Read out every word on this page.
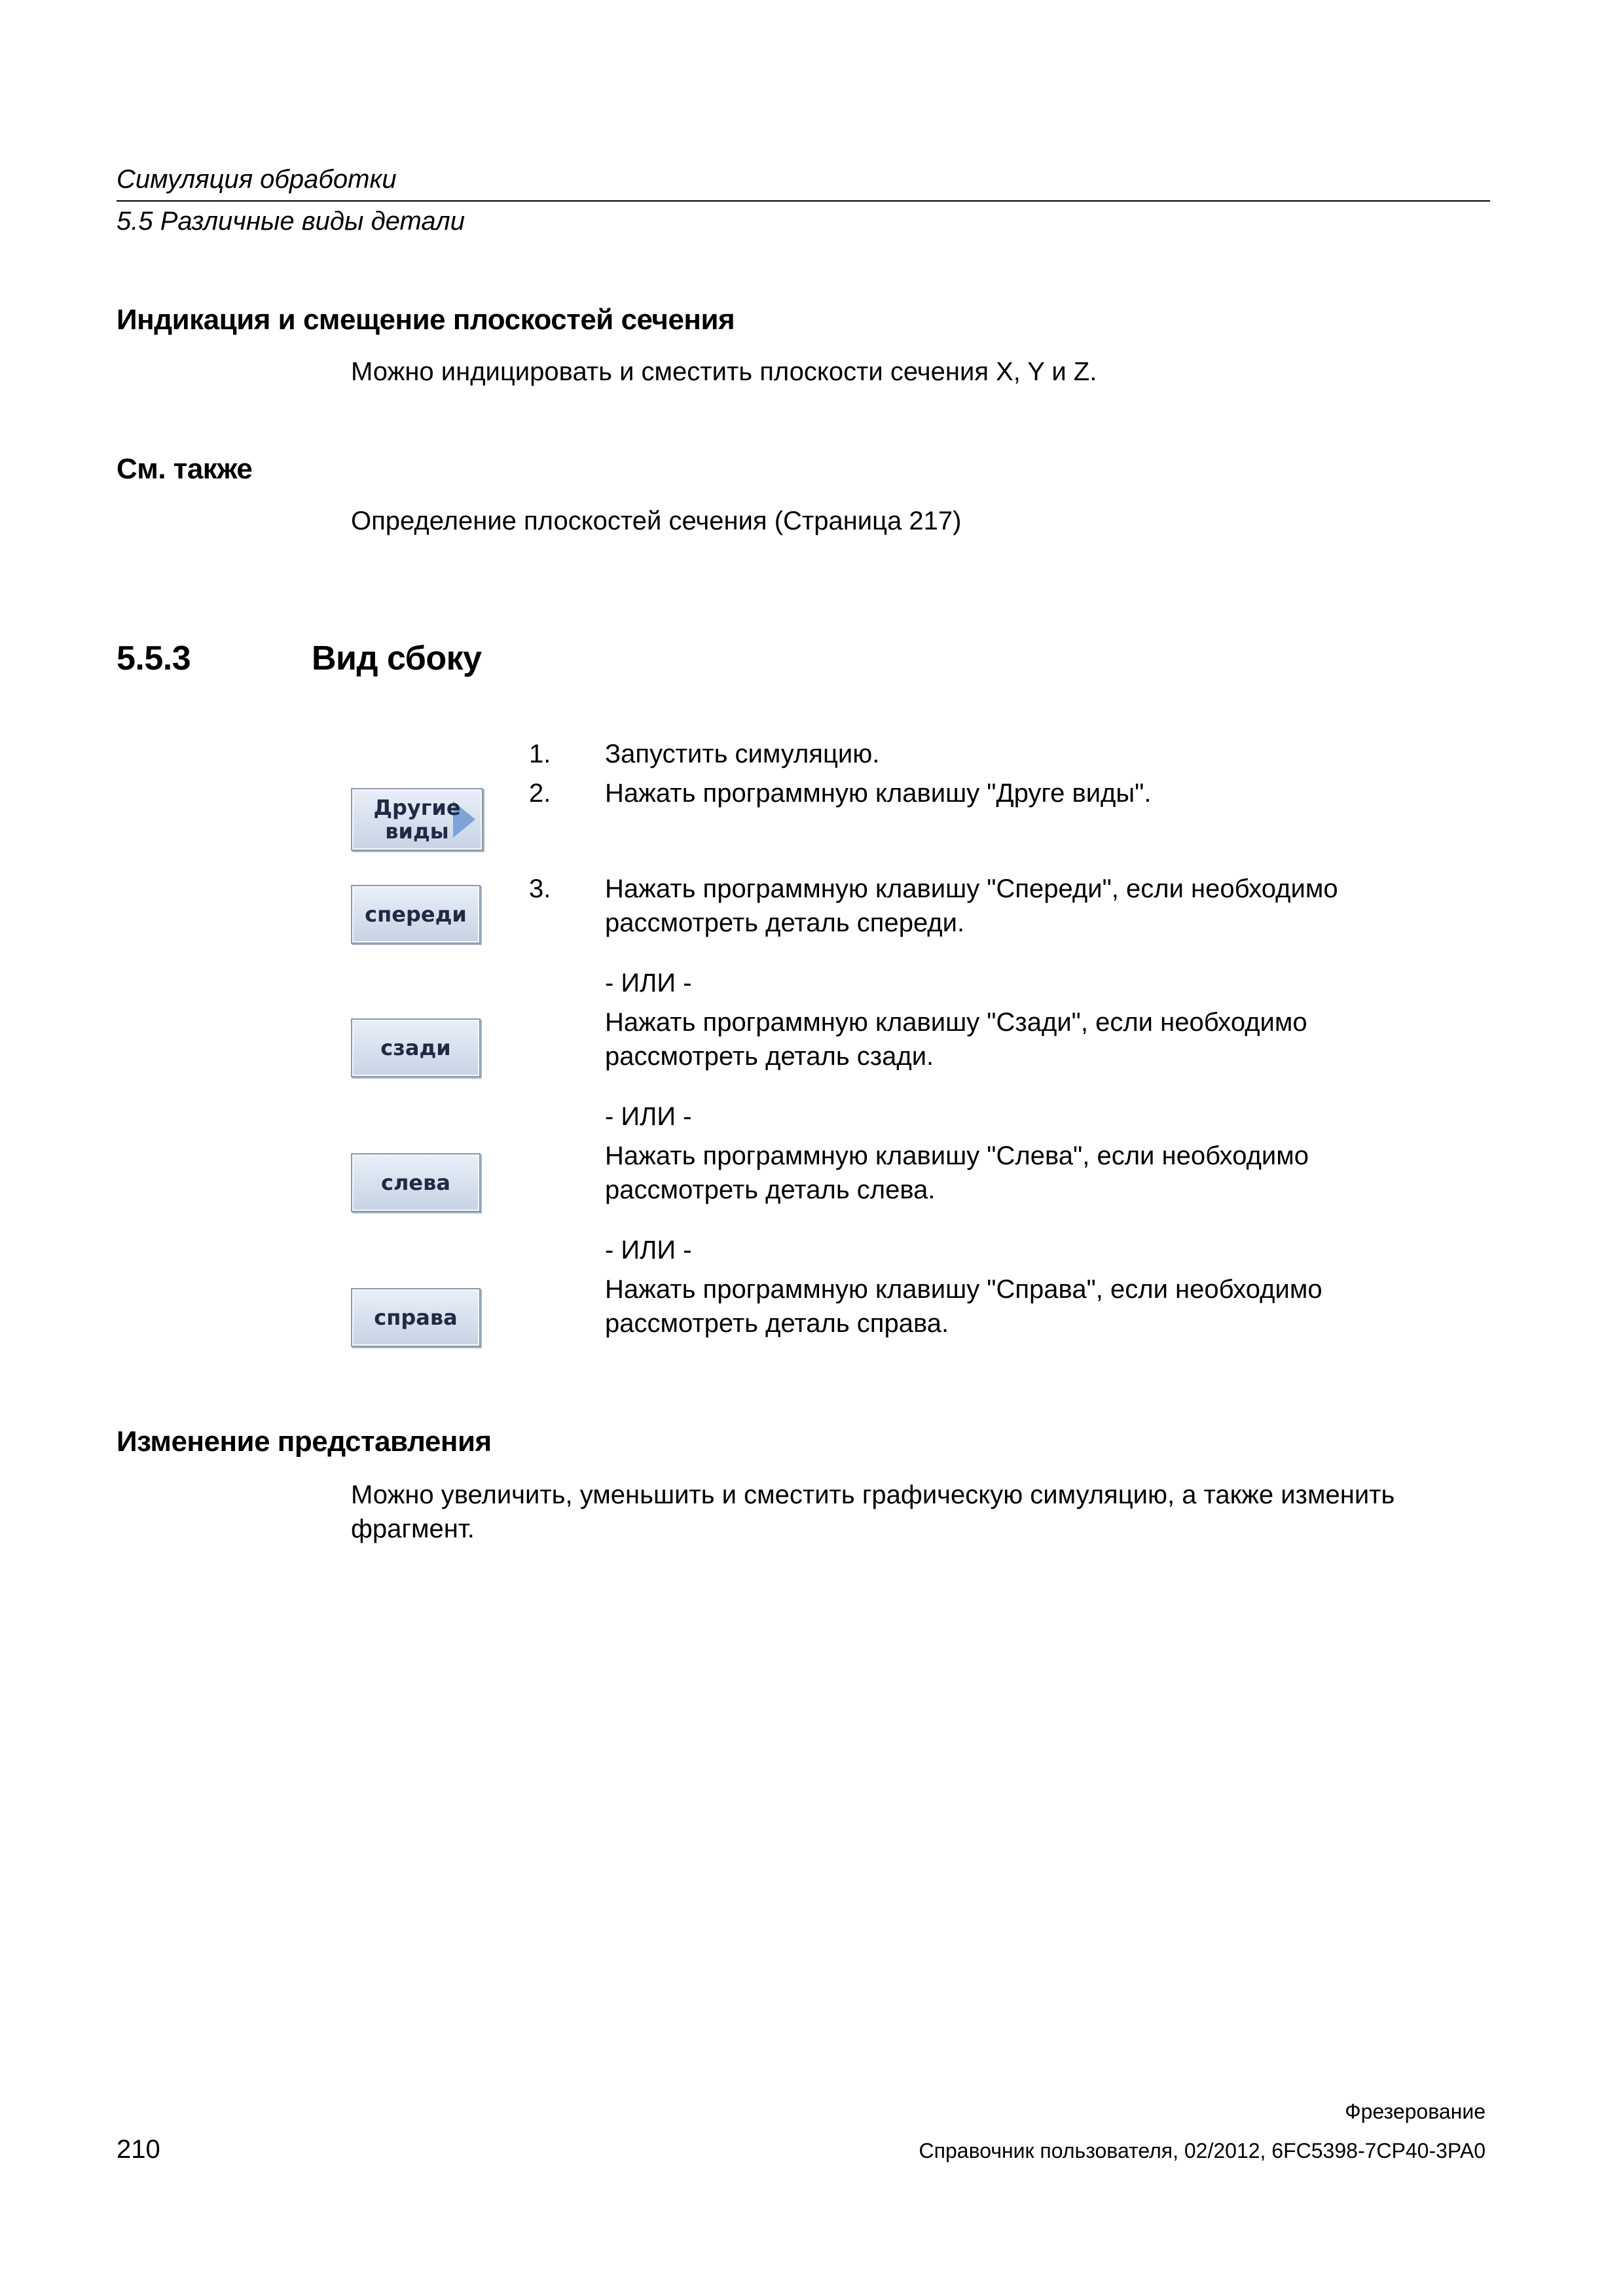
Симуляция обработки
5.5 Различные виды детали
Индикация и смещение плоскостей сечения
Можно индицировать и сместить плоскости сечения X, Y и Z.
См. также
Определение плоскостей сечения (Страница 217)
5.5.3	Вид сбоку
Другие
виды
спереди
сзади
слева
справа
1. Запустить симуляцию.
2. Нажать программную клавишу "Друге виды".
3. Нажать программную клавишу "Спереди", если необходимо
рассмотреть деталь спереди.
- ИЛИ -
Нажать программную клавишу "Сзади", если необходимо
рассмотреть деталь сзади.
- ИЛИ -
Нажать программную клавишу "Слева", если необходимо
рассмотреть деталь слева.
- ИЛИ -
Нажать программную клавишу "Справа", если необходимо
рассмотреть деталь справа.
Изменение представления
Можно увеличить, уменьшить и сместить графическую симуляцию, а также изменить
фрагмент.
Фрезерование
210	Справочник пользователя, 02/2012, 6FC5398-7CP40-3PA0
